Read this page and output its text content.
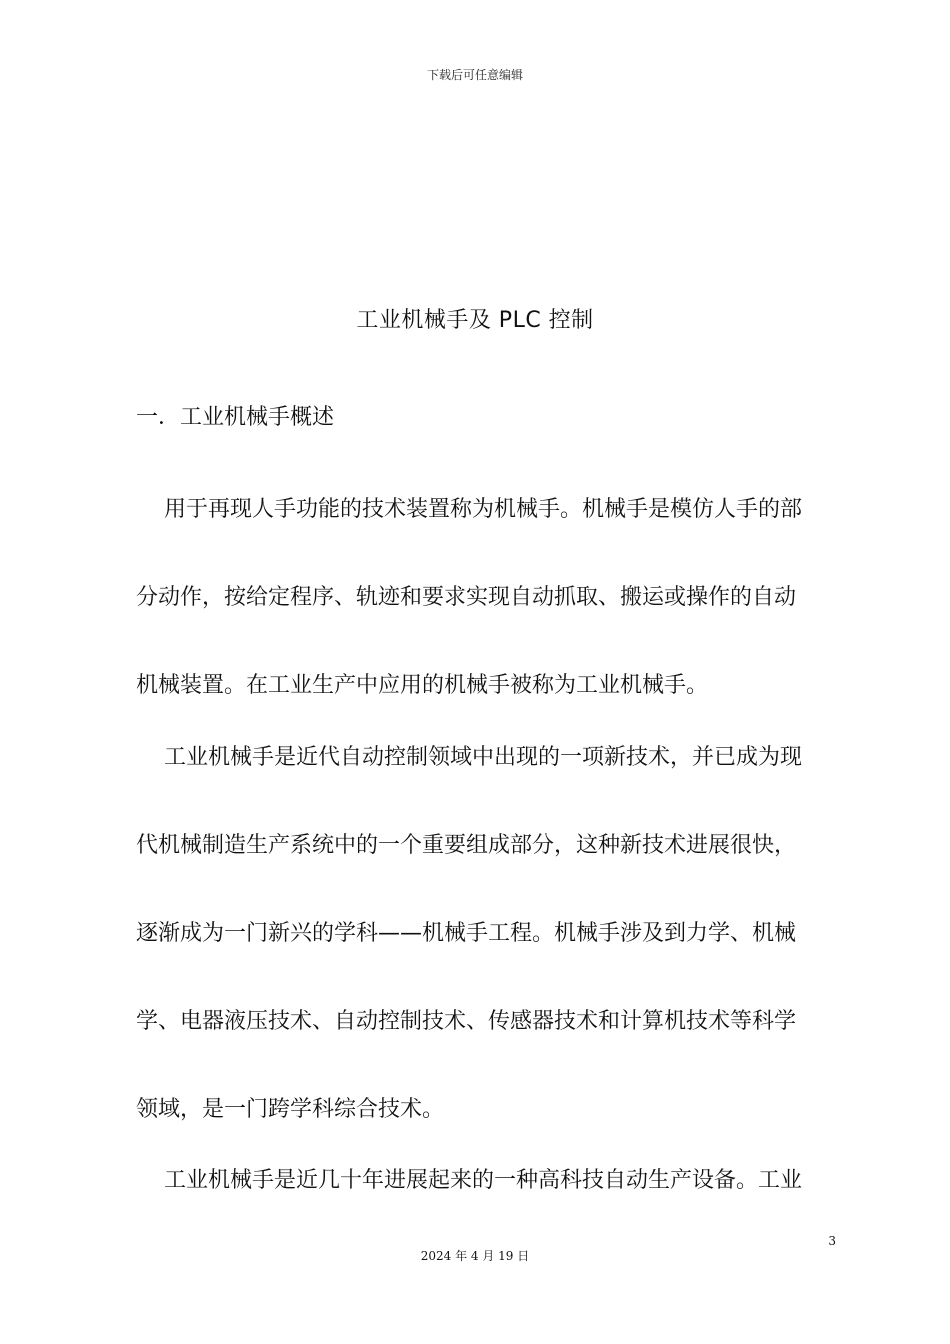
下载后可任意编辑
工业机械手及 PLC 控制
一．工业机械手概述
用于再现人手功能的技术装置称为机械手。机械手是模仿人手的部
分动作，按给定程序、轨迹和要求实现自动抓取、搬运或操作的自动
机械装置。在工业生产中应用的机械手被称为工业机械手。
工业机械手是近代自动控制领域中出现的一项新技术，并已成为现
代机械制造生产系统中的一个重要组成部分，这种新技术进展很快，
逐渐成为一门新兴的学科——机械手工程。机械手涉及到力学、机械
学、电器液压技术、自动控制技术、传感器技术和计算机技术等科学
领域，是一门跨学科综合技术。
工业机械手是近几十年进展起来的一种高科技自动生产设备。工业
3
2024 年 4 月 19 日
